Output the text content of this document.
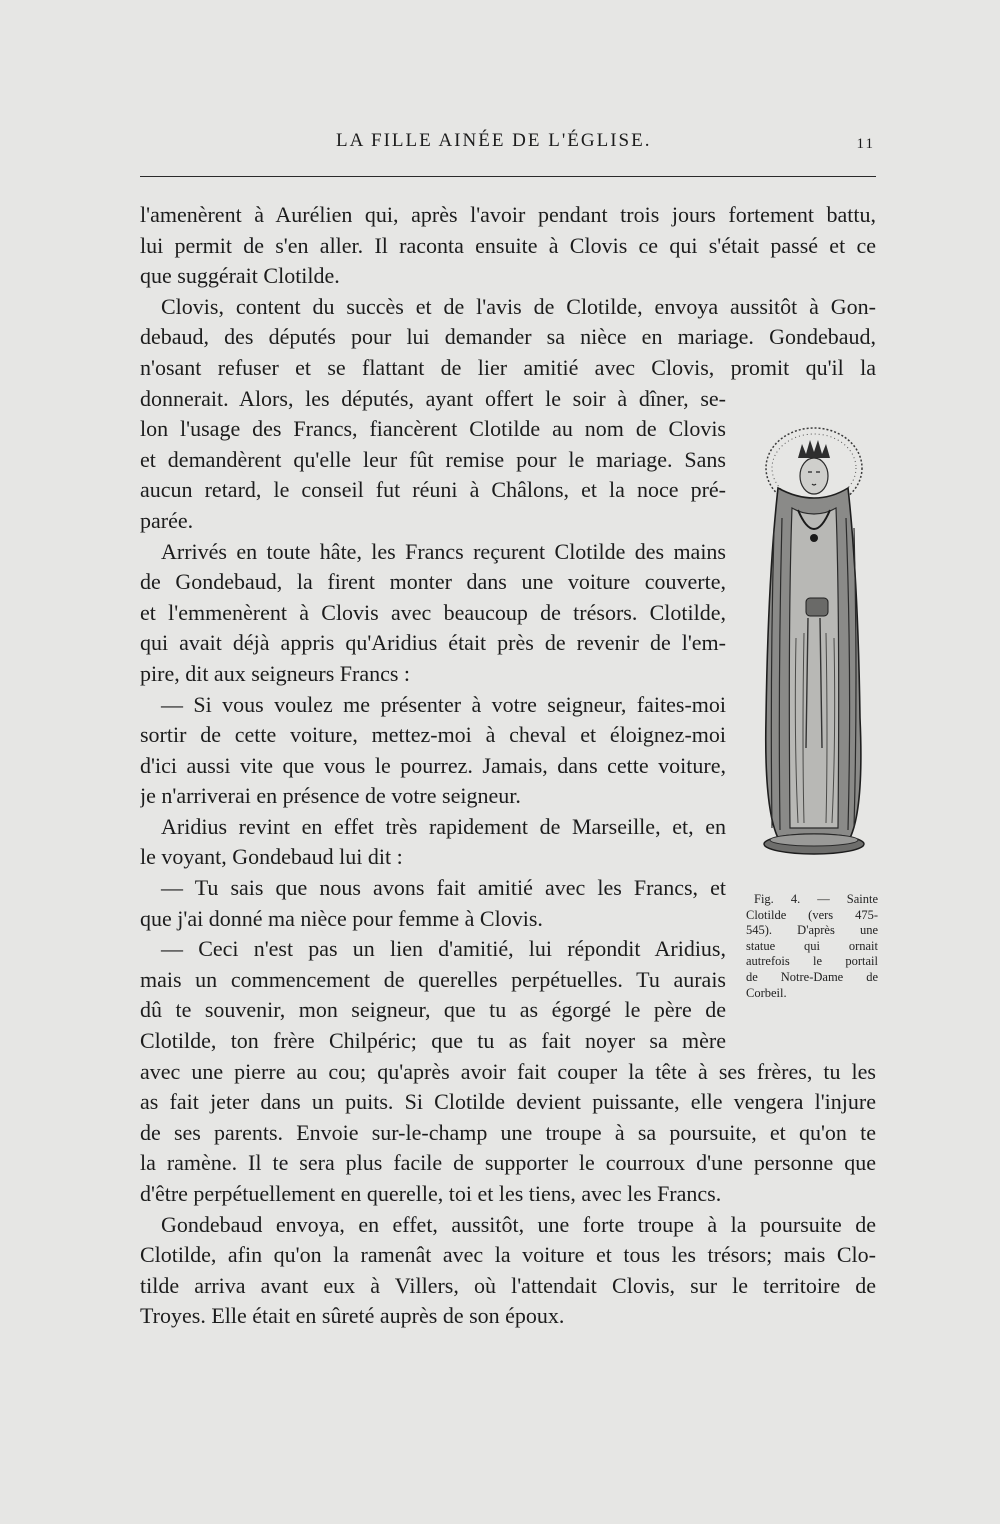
LA FILLE AINÉE DE L'ÉGLISE.	11
l'amenèrent à Aurélien qui, après l'avoir pendant trois jours fortement battu,
lui permit de s'en aller. Il raconta ensuite à Clovis ce qui s'était passé et ce
que suggérait Clotilde.
Clovis, content du succès et de l'avis de Clotilde, envoya aussitôt à Gon-
debaud, des députés pour lui demander sa nièce en mariage. Gondebaud,
n'osant refuser et se flattant de lier amitié avec Clovis, promit qu'il la
donnerait. Alors, les députés, ayant offert le soir à dîner, se-
lon l'usage des Francs, fiancèrent Clotilde au nom de Clovis
et demandèrent qu'elle leur fût remise pour le mariage. Sans
aucun retard, le conseil fut réuni à Châlons, et la noce pré-
parée.
Arrivés en toute hâte, les Francs reçurent Clotilde des mains
de Gondebaud, la firent monter dans une voiture couverte,
et l'emmenèrent à Clovis avec beaucoup de trésors. Clotilde,
qui avait déjà appris qu'Aridius était près de revenir de l'em-
pire, dit aux seigneurs Francs :
— Si vous voulez me présenter à votre seigneur, faites-moi
sortir de cette voiture, mettez-moi à cheval et éloignez-moi
d'ici aussi vite que vous le pourrez. Jamais, dans cette voiture,
je n'arriverai en présence de votre seigneur.
Aridius revint en effet très rapidement de Marseille, et, en
le voyant, Gondebaud lui dit :
— Tu sais que nous avons fait amitié avec les Francs, et
que j'ai donné ma nièce pour femme à Clovis.
— Ceci n'est pas un lien d'amitié, lui répondit Aridius,
mais un commencement de querelles perpétuelles. Tu aurais
dû te souvenir, mon seigneur, que tu as égorgé le père de
Clotilde, ton frère Chilpéric; que tu as fait noyer sa mère
avec une pierre au cou; qu'après avoir fait couper la tête à ses frères, tu les
as fait jeter dans un puits. Si Clotilde devient puissante, elle vengera l'injure
de ses parents. Envoie sur-le-champ une troupe à sa poursuite, et qu'on te
la ramène. Il te sera plus facile de supporter le courroux d'une personne que
d'être perpétuellement en querelle, toi et les tiens, avec les Francs.
Gondebaud envoya, en effet, aussitôt, une forte troupe à la poursuite de
Clotilde, afin qu'on la ramenât avec la voiture et tous les trésors; mais Clo-
tilde arriva avant eux à Villers, où l'attendait Clovis, sur le territoire de
Troyes. Elle était en sûreté auprès de son époux.
Fig. 4. — Sainte
Clotilde (vers 475-
545). D'après une
statue qui ornait
autrefois le portail
de Notre-Dame de
Corbeil.
